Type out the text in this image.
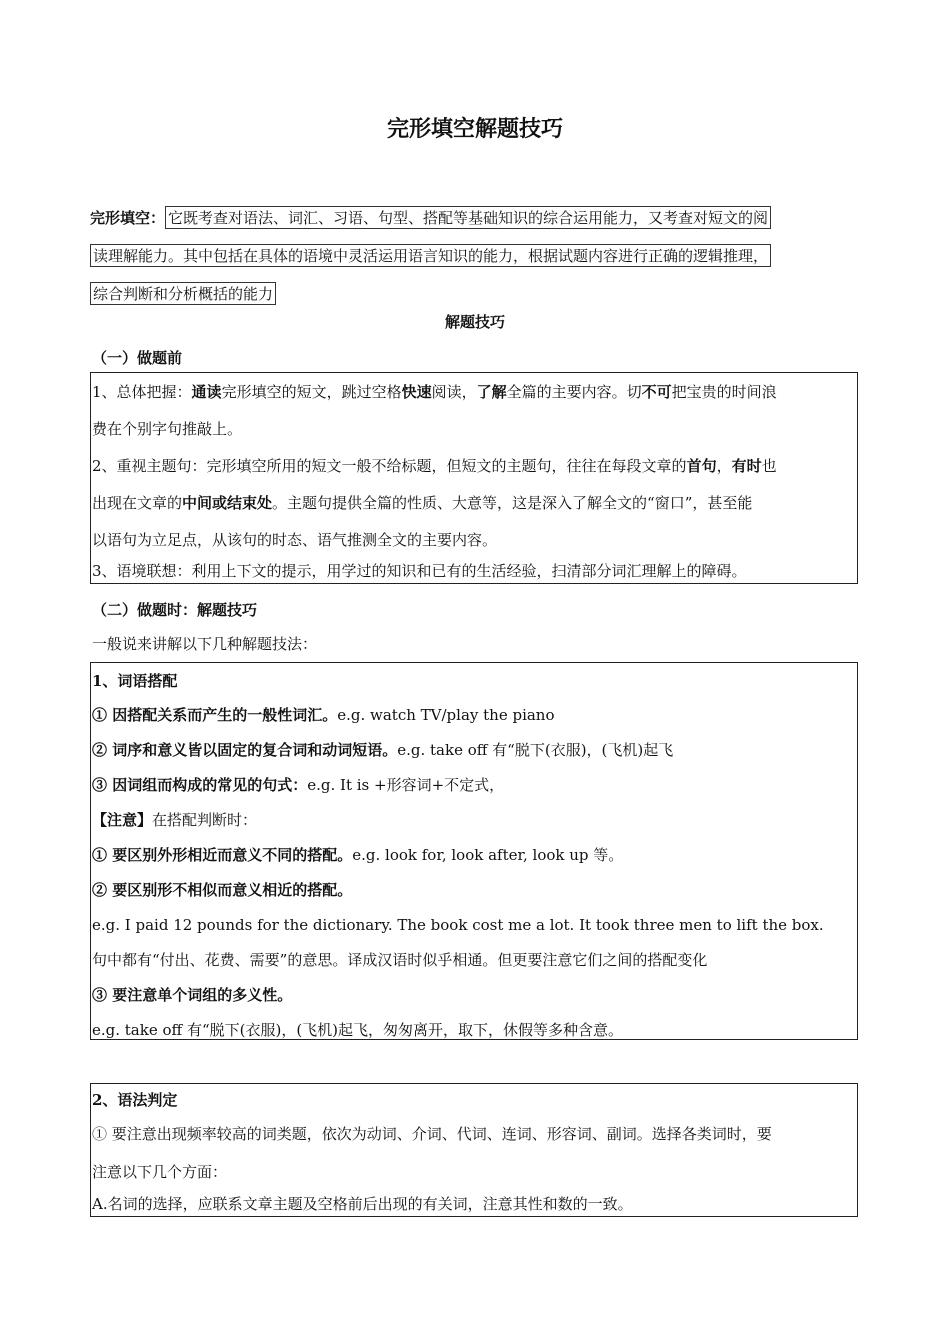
完形填空解题技巧
完形填空： 它既考查对语法、词汇、习语、句型、搭配等基础知识的综合运用能力，又考查对短文的阅
读理解能力。其中包括在具体的语境中灵活运用语言知识的能力，根据试题内容进行正确的逻辑推理，
综合判断和分析概括的能力
解题技巧
（一）做题前
1、总体把握： 通读 完形填空的短文，跳过空格 快速 阅读， 了解 全篇的主要内容。切 不可 把宝贵的时间浪
费在个别字句推敲上。
2、重视主题句：完形填空所用的短文一般不给标题，但短文的主题句，往往在每段文章的 首句 ， 有时 也
出现在文章的 中间或结束处 。主题句提供全篇的性质、大意等，这是深入了解全文的“窗口”，甚至能
以语句为立足点，从该句的时态、语气推测全文的主要内容。
3、语境联想：利用上下文的提示，用学过的知识和已有的生活经验，扫清部分词汇理解上的障碍。
（二）做题时：解题技巧
一般说来讲解以下几种解题技法：
1、词语搭配
① 因搭配关系而产生的一般性词汇。 e.g. watch TV/play the piano
② 词序和意义皆以固定的复合词和动词短语。 e.g. take off 有“脱下(衣服)，(飞机)起飞
③ 因词组而构成的常见的句式： e.g. It is +形容词+不定式，
【注意】 在搭配判断时：
① 要区别外形相近而意义不同的搭配。 e.g. look for, look after, look up 等。
② 要区别形不相似而意义相近的搭配。
e.g. I paid 12 pounds for the dictionary. The book cost me a lot. It took three men to lift the box.
句中都有“付出、花费、需要”的意思。译成汉语时似乎相通。但更要注意它们之间的搭配变化
③ 要注意单个词组的多义性。
e.g. take off 有“脱下(衣服)，(飞机)起飞，匆匆离开，取下，休假等多种含意。
2、语法判定
① 要注意出现频率较高的词类题，依次为动词、介词、代词、连词、形容词、副词。选择各类词时，要
注意以下几个方面：
A.名词的选择，应联系文章主题及空格前后出现的有关词，注意其性和数的一致。
